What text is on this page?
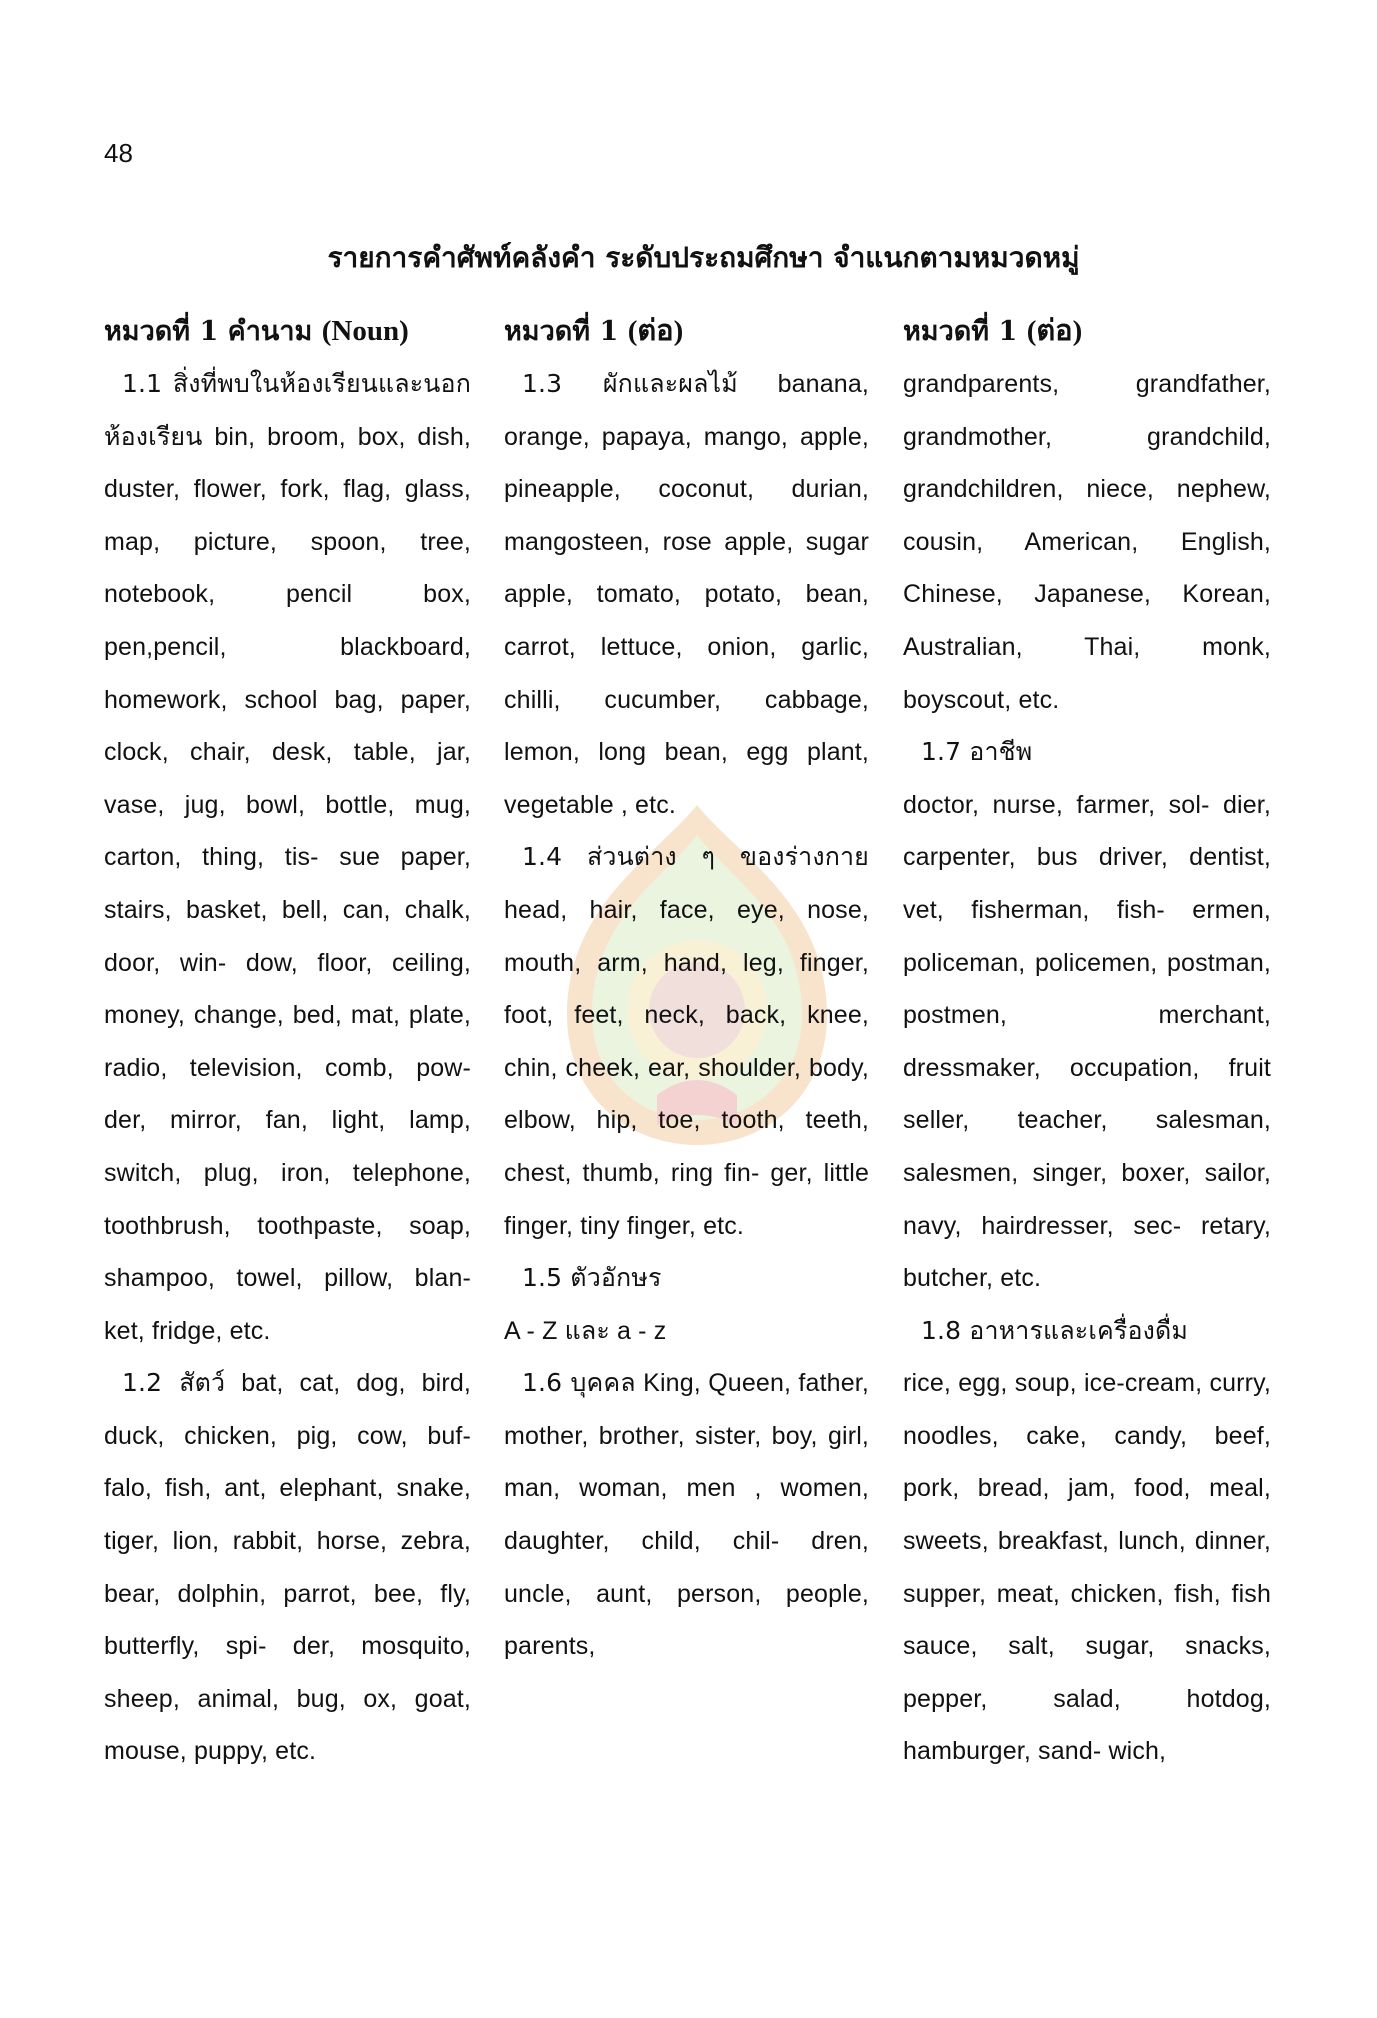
48
รายการคำศัพท์คลังคำ ระดับประถมศึกษา จำแนกตามหมวดหมู่

หมวดที่ 1 คำนาม (Noun)

1.1 สิ่งที่พบในห้องเรียนและนอกห้องเรียน bin, broom, box, dish, duster, flower, fork, flag, glass, map, picture, spoon, tree, notebook, pencil box, pen,pencil, blackboard, homework, school bag, paper, clock, chair, desk, table, jar, vase, jug, bowl, bottle, mug, carton, thing, tis- sue paper, stairs, basket, bell, can, chalk, door, win- dow, floor, ceiling, money, change, bed, mat, plate, radio, television, comb, pow- der, mirror, fan, light, lamp, switch, plug, iron, telephone, toothbrush, toothpaste, soap, shampoo, towel, pillow, blan- ket, fridge, etc.

1.2 สัตว์ bat, cat, dog, bird, duck, chicken, pig, cow, buf- falo, fish, ant, elephant, snake, tiger, lion, rabbit, horse, zebra, bear, dolphin, parrot, bee, fly, butterfly, spi- der, mosquito, sheep, animal, bug, ox, goat, mouse, puppy, etc.

หมวดที่ 1 (ต่อ)

1.3 ผักและผลไม้ banana, orange, papaya, mango, apple, pineapple, coconut, durian, mangosteen, rose apple, sugar apple, tomato, potato, bean, carrot, lettuce, onion, garlic, chilli, cucumber, cabbage, lemon, long bean, egg plant, vegetable , etc.

1.4 ส่วนต่าง ๆ ของร่างกาย head, hair, face, eye, nose, mouth, arm, hand, leg, finger, foot, feet, neck, back, knee, chin, cheek, ear, shoulder, body, elbow, hip, toe, tooth, teeth, chest, thumb, ring fin- ger, little finger, tiny finger, etc.

1.5 ตัวอักษร
A - Z และ a - z

1.6 บุคคล King, Queen, father, mother, brother, sister, boy, girl, man, woman, men , women, daughter, child, chil- dren, uncle, aunt, person, people, parents,

หมวดที่ 1 (ต่อ)

grandparents, grandfather, grandmother, grandchild, grandchildren, niece, nephew, cousin, American, English, Chinese, Japanese, Korean, Australian, Thai, monk, boyscout, etc.

1.7 อาชีพ
doctor, nurse, farmer, sol- dier, carpenter, bus driver, dentist, vet, fisherman, fish- ermen, policeman, policemen, postman, postmen, merchant, dressmaker, occupation, fruit seller, teacher, salesman, salesmen, singer, boxer, sailor, navy, hairdresser, sec- retary, butcher, etc.

1.8 อาหารและเครื่องดื่ม
rice, egg, soup, ice-cream, curry, noodles, cake, candy, beef, pork, bread, jam, food, meal, sweets, breakfast, lunch, dinner, supper, meat, chicken, fish, fish sauce, salt, sugar, snacks, pepper, salad, hotdog, hamburger, sand- wich,
